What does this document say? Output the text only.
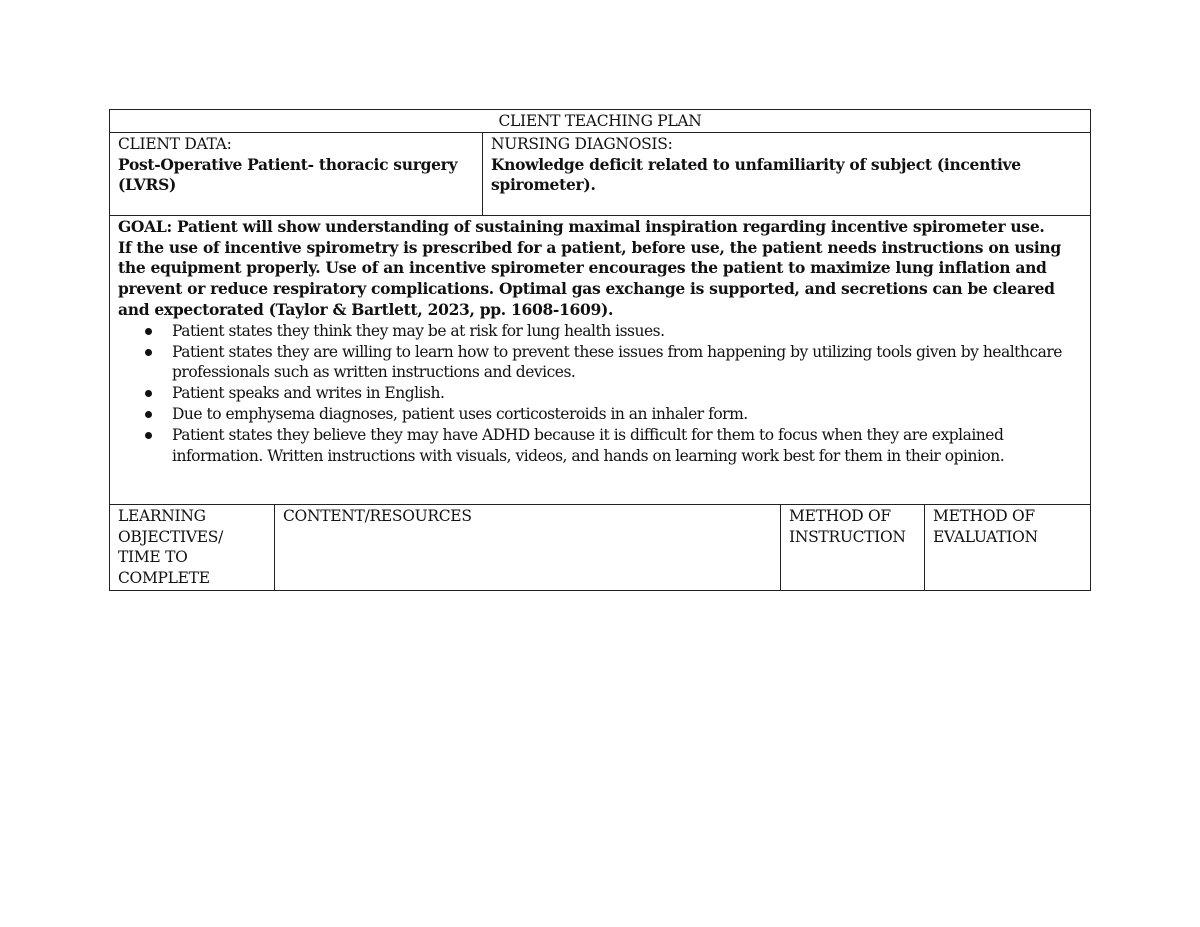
CLIENT TEACHING PLAN
CLIENT DATA:
Post-Operative Patient- thoracic surgery (LVRS)
NURSING DIAGNOSIS:
Knowledge deficit related to unfamiliarity of subject (incentive spirometer).
GOAL: Patient will show understanding of sustaining maximal inspiration regarding incentive spirometer use.
If the use of incentive spirometry is prescribed for a patient, before use, the patient needs instructions on using the equipment properly. Use of an incentive spirometer encourages the patient to maximize lung inflation and prevent or reduce respiratory complications. Optimal gas exchange is supported, and secretions can be cleared and expectorated (Taylor & Bartlett, 2023, pp. 1608-1609).
Patient states they think they may be at risk for lung health issues.
Patient states they are willing to learn how to prevent these issues from happening by utilizing tools given by healthcare professionals such as written instructions and devices.
Patient speaks and writes in English.
Due to emphysema diagnoses, patient uses corticosteroids in an inhaler form.
Patient states they believe they may have ADHD because it is difficult for them to focus when they are explained information. Written instructions with visuals, videos, and hands on learning work best for them in their opinion.
LEARNING OBJECTIVES/ TIME TO COMPLETE
CONTENT/RESOURCES	METHOD OF INSTRUCTION
METHOD OF EVALUATION
